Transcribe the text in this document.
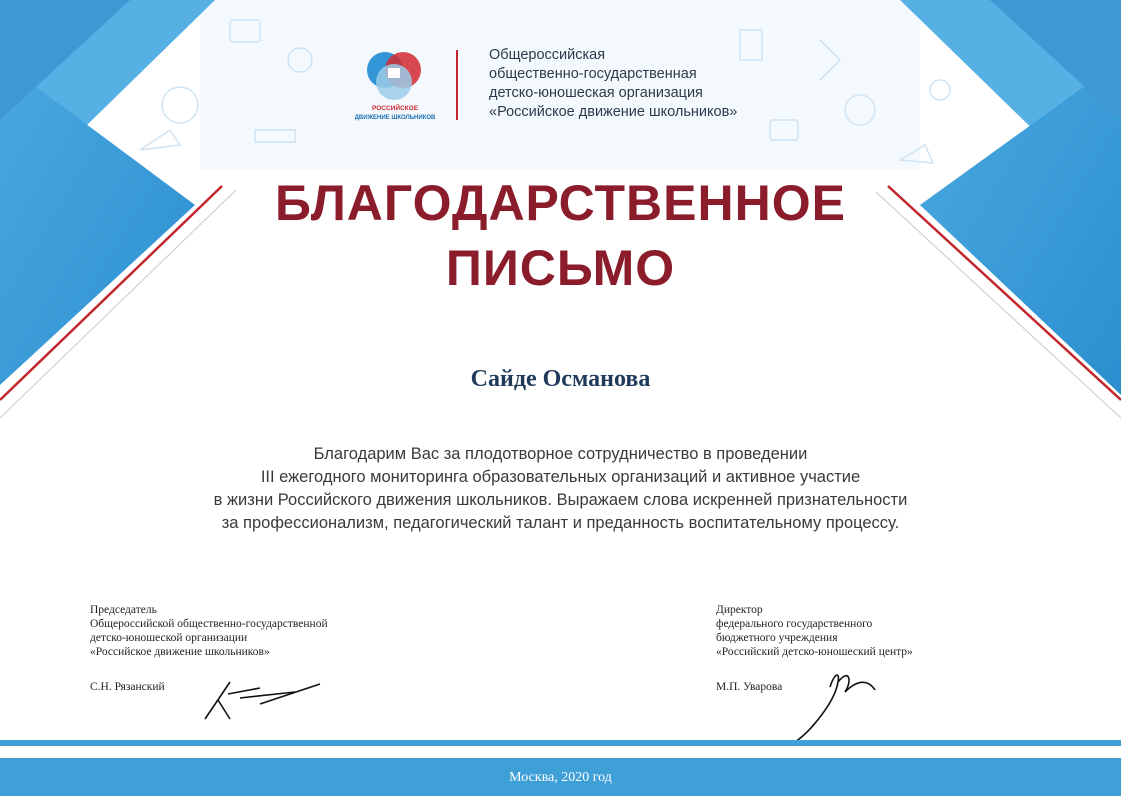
РОССИЙСКОЕ
ДВИЖЕНИЕ ШКОЛЬНИКОВ
Общероссийская
общественно-государственная
детско-юношеская организация
«Российское движение школьников»
БЛАГОДАРСТВЕННОЕ
ПИСЬМО
Сайде Османова
Благодарим Вас за плодотворное сотрудничество в проведении
III ежегодного мониторинга образовательных организаций и активное участие
в жизни Российского движения школьников. Выражаем слова искренней признательности
за профессионализм, педагогический талант и преданность воспитательному процессу.
Председатель
Общероссийской общественно-государственной
детско-юношеской организации
«Российское движение школьников»
С.Н. Рязанский
Директор
федерального государственного
бюджетного учреждения
«Российский детско-юношеский центр»
М.П. Уварова
Москва, 2020 год
